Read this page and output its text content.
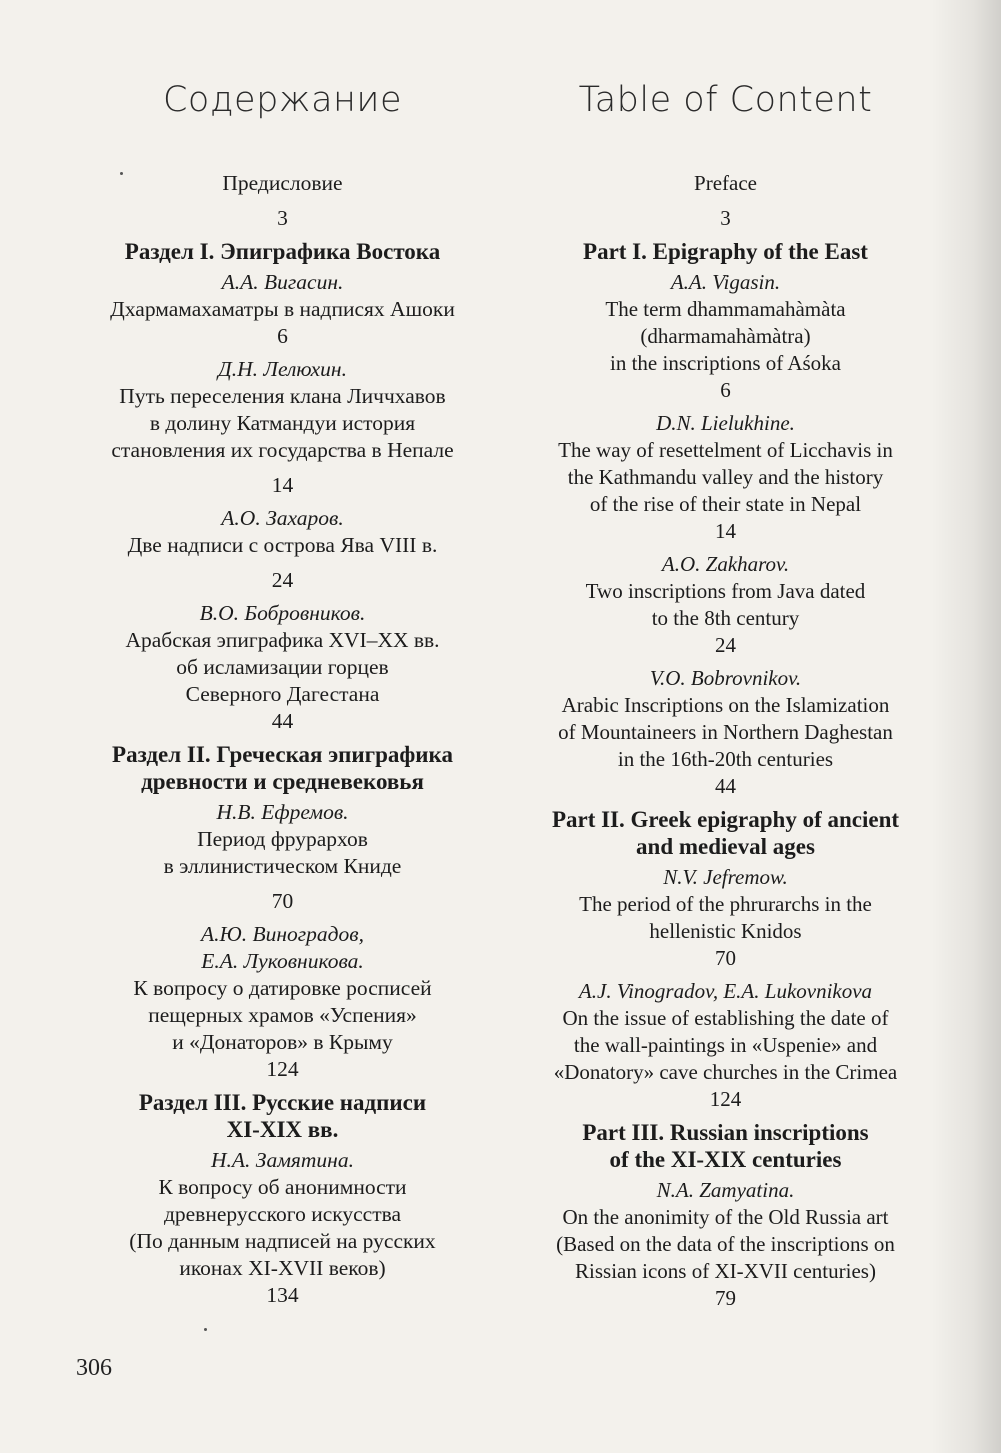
Содержание
Предисловие
3
Раздел I. Эпиграфика Востока
А.А. Вигасин.
Дхармамахаматры в надписях Ашоки
6
Д.Н. Лелюхин.
Путь переселения клана Личчхавов
в долину Катмандуи история
становления их государства в Непале
14
А.О. Захаров.
Две надписи с острова Ява VIII в.
24
В.О. Бобровников.
Арабская эпиграфика XVI–XX вв.
об исламизации горцев
Северного Дагестана
44
Раздел II. Греческая эпиграфика
древности и средневековья
Н.В. Ефремов.
Период фрурархов
в эллинистическом Книде
70
А.Ю. Виноградов,
Е.А. Луковникова.
К вопросу о датировке росписей
пещерных храмов «Успения»
и «Донаторов» в Крыму
124
Раздел III. Русские надписи
XI-XIX вв.
Н.А. Замятина.
К вопросу об анонимности
древнерусского искусства
(По данным надписей на русских
иконах XI-XVII веков)
134
Table of Content
Preface
3
Part I. Epigraphy of the East
A.A. Vigasin.
The term dhammamahàmàta
(dharmamahàmàtra)
in the inscriptions of Aśoka
6
D.N. Lielukhine.
The way of resettelment of Licchavis in
the Kathmandu valley and the history
of the rise of their state in Nepal
14
A.O. Zakharov.
Two inscriptions from Java dated
to the 8th century
24
V.O. Bobrovnikov.
Arabic Inscriptions on the Islamization
of Mountaineers in Northern Daghestan
in the 16th-20th centuries
44
Part II. Greek epigraphy of ancient
and medieval ages
N.V. Jefremow.
The period of the phrurarchs in the
hellenistic Knidos
70
A.J. Vinogradov, E.A. Lukovnikova
On the issue of establishing the date of
the wall-paintings in «Uspenie» and
«Donatory» cave churches in the Crimea
124
Part III. Russian inscriptions
of the XI-XIX centuries
N.A. Zamyatina.
On the anonimity of the Old Russia art
(Based on the data of the inscriptions on
Rissian icons of XI-XVII centuries)
79
306
